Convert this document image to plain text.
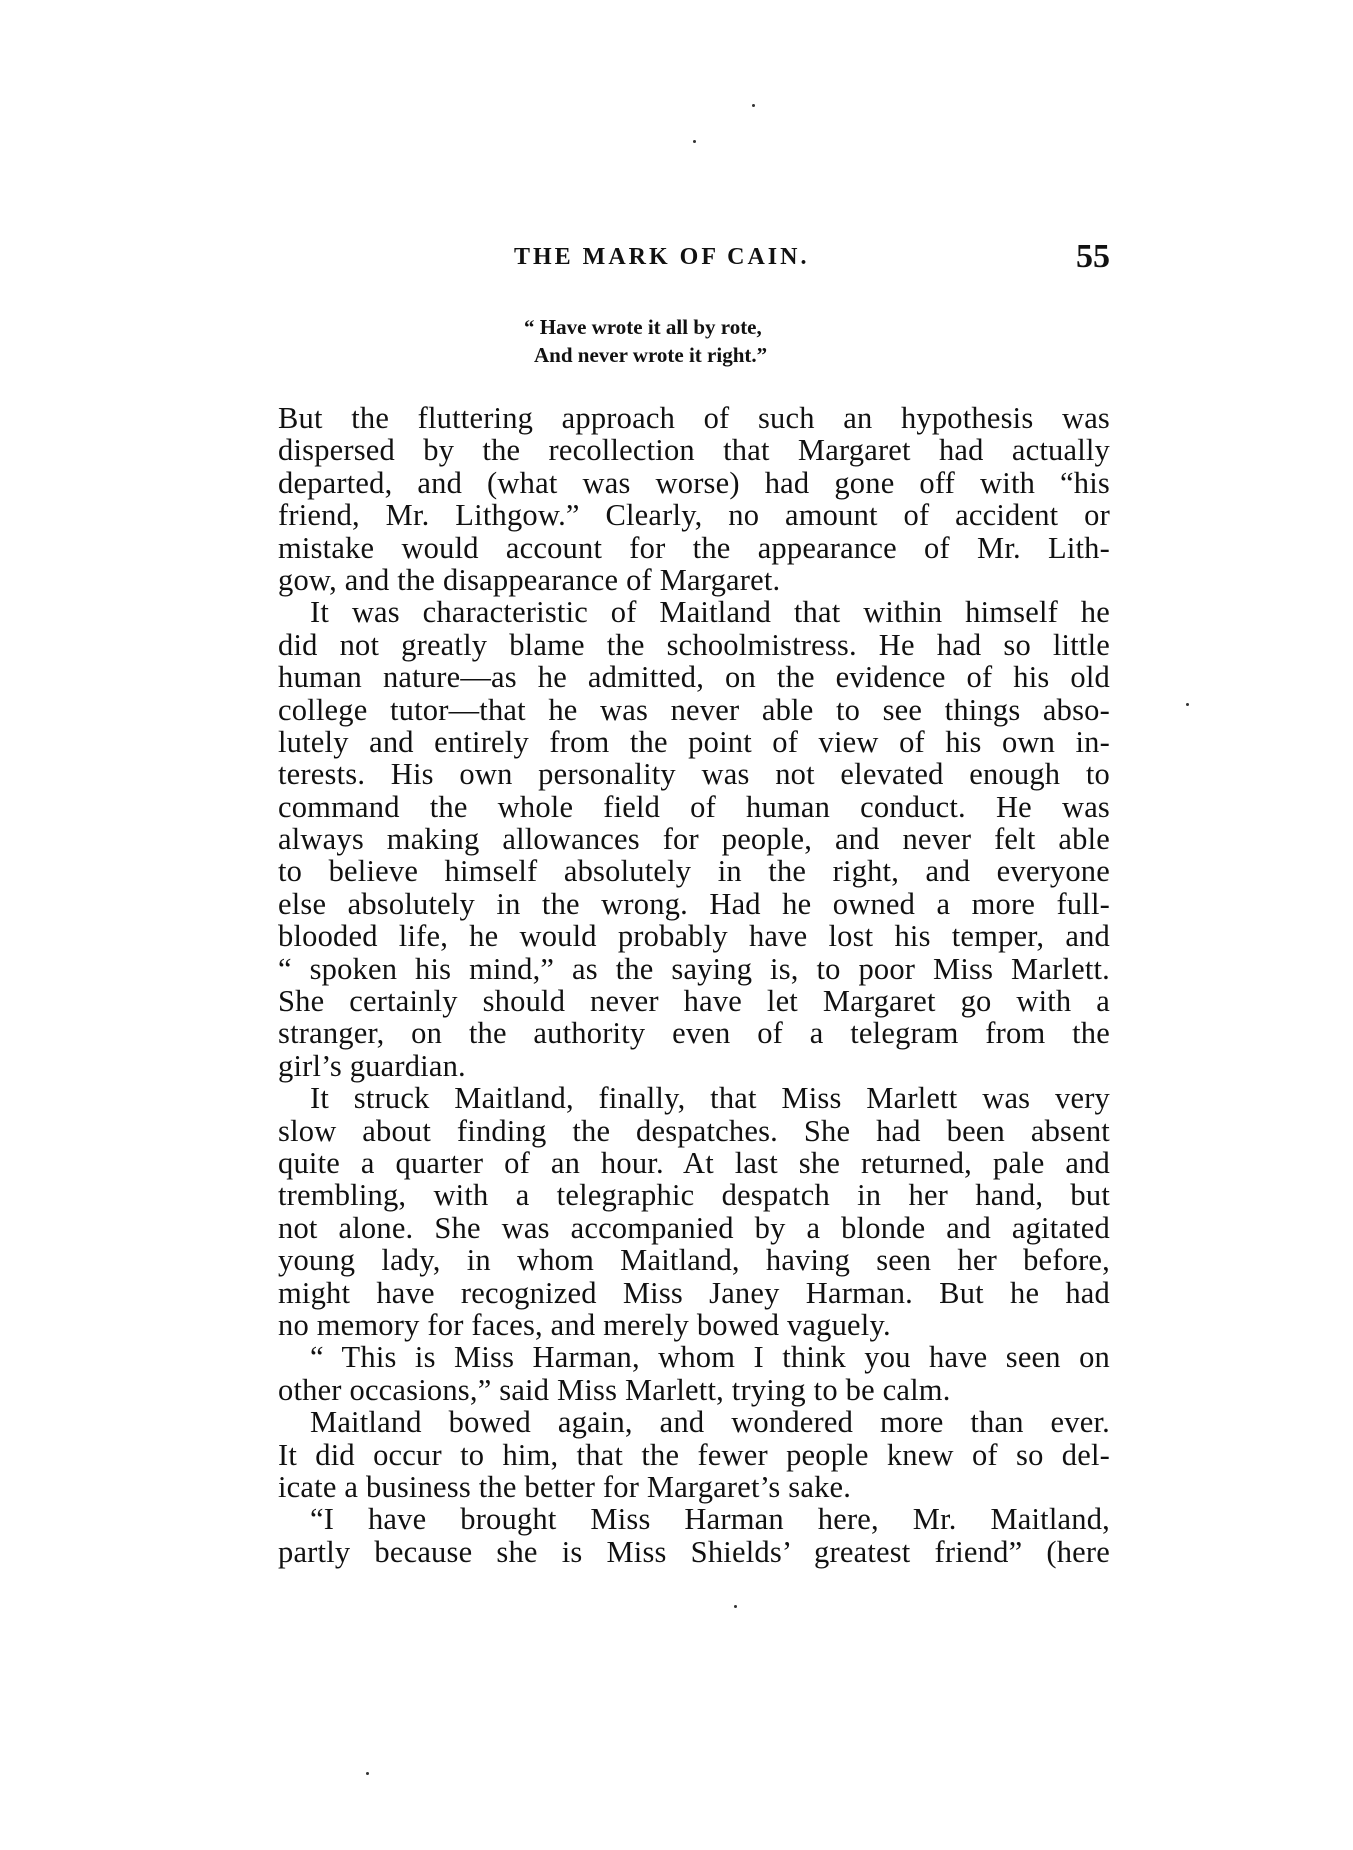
THE MARK OF CAIN.	55
“ Have wrote it all by rote,
And never wrote it right.”
But the fluttering approach of such an hypothesis was
dispersed by the recollection that Margaret had actually
departed, and (what was worse) had gone off with “his
friend, Mr. Lithgow.” Clearly, no amount of accident or
mistake would account for the appearance of Mr. Lith-
gow, and the disappearance of Margaret.
It was characteristic of Maitland that within himself he
did not greatly blame the schoolmistress. He had so little
human nature—as he admitted, on the evidence of his old
college tutor—that he was never able to see things abso-
lutely and entirely from the point of view of his own in-
terests. His own personality was not elevated enough to
command the whole field of human conduct. He was
always making allowances for people, and never felt able
to believe himself absolutely in the right, and everyone
else absolutely in the wrong. Had he owned a more full-
blooded life, he would probably have lost his temper, and
“ spoken his mind,” as the saying is, to poor Miss Marlett.
She certainly should never have let Margaret go with a
stranger, on the authority even of a telegram from the
girl’s guardian.
It struck Maitland, finally, that Miss Marlett was very
slow about finding the despatches. She had been absent
quite a quarter of an hour. At last she returned, pale and
trembling, with a telegraphic despatch in her hand, but
not alone. She was accompanied by a blonde and agitated
young lady, in whom Maitland, having seen her before,
might have recognized Miss Janey Harman. But he had
no memory for faces, and merely bowed vaguely.
“ This is Miss Harman, whom I think you have seen on
other occasions,” said Miss Marlett, trying to be calm.
Maitland bowed again, and wondered more than ever.
It did occur to him, that the fewer people knew of so del-
icate a business the better for Margaret’s sake.
“I have brought Miss Harman here, Mr. Maitland,
partly because she is Miss Shields’ greatest friend” (here
